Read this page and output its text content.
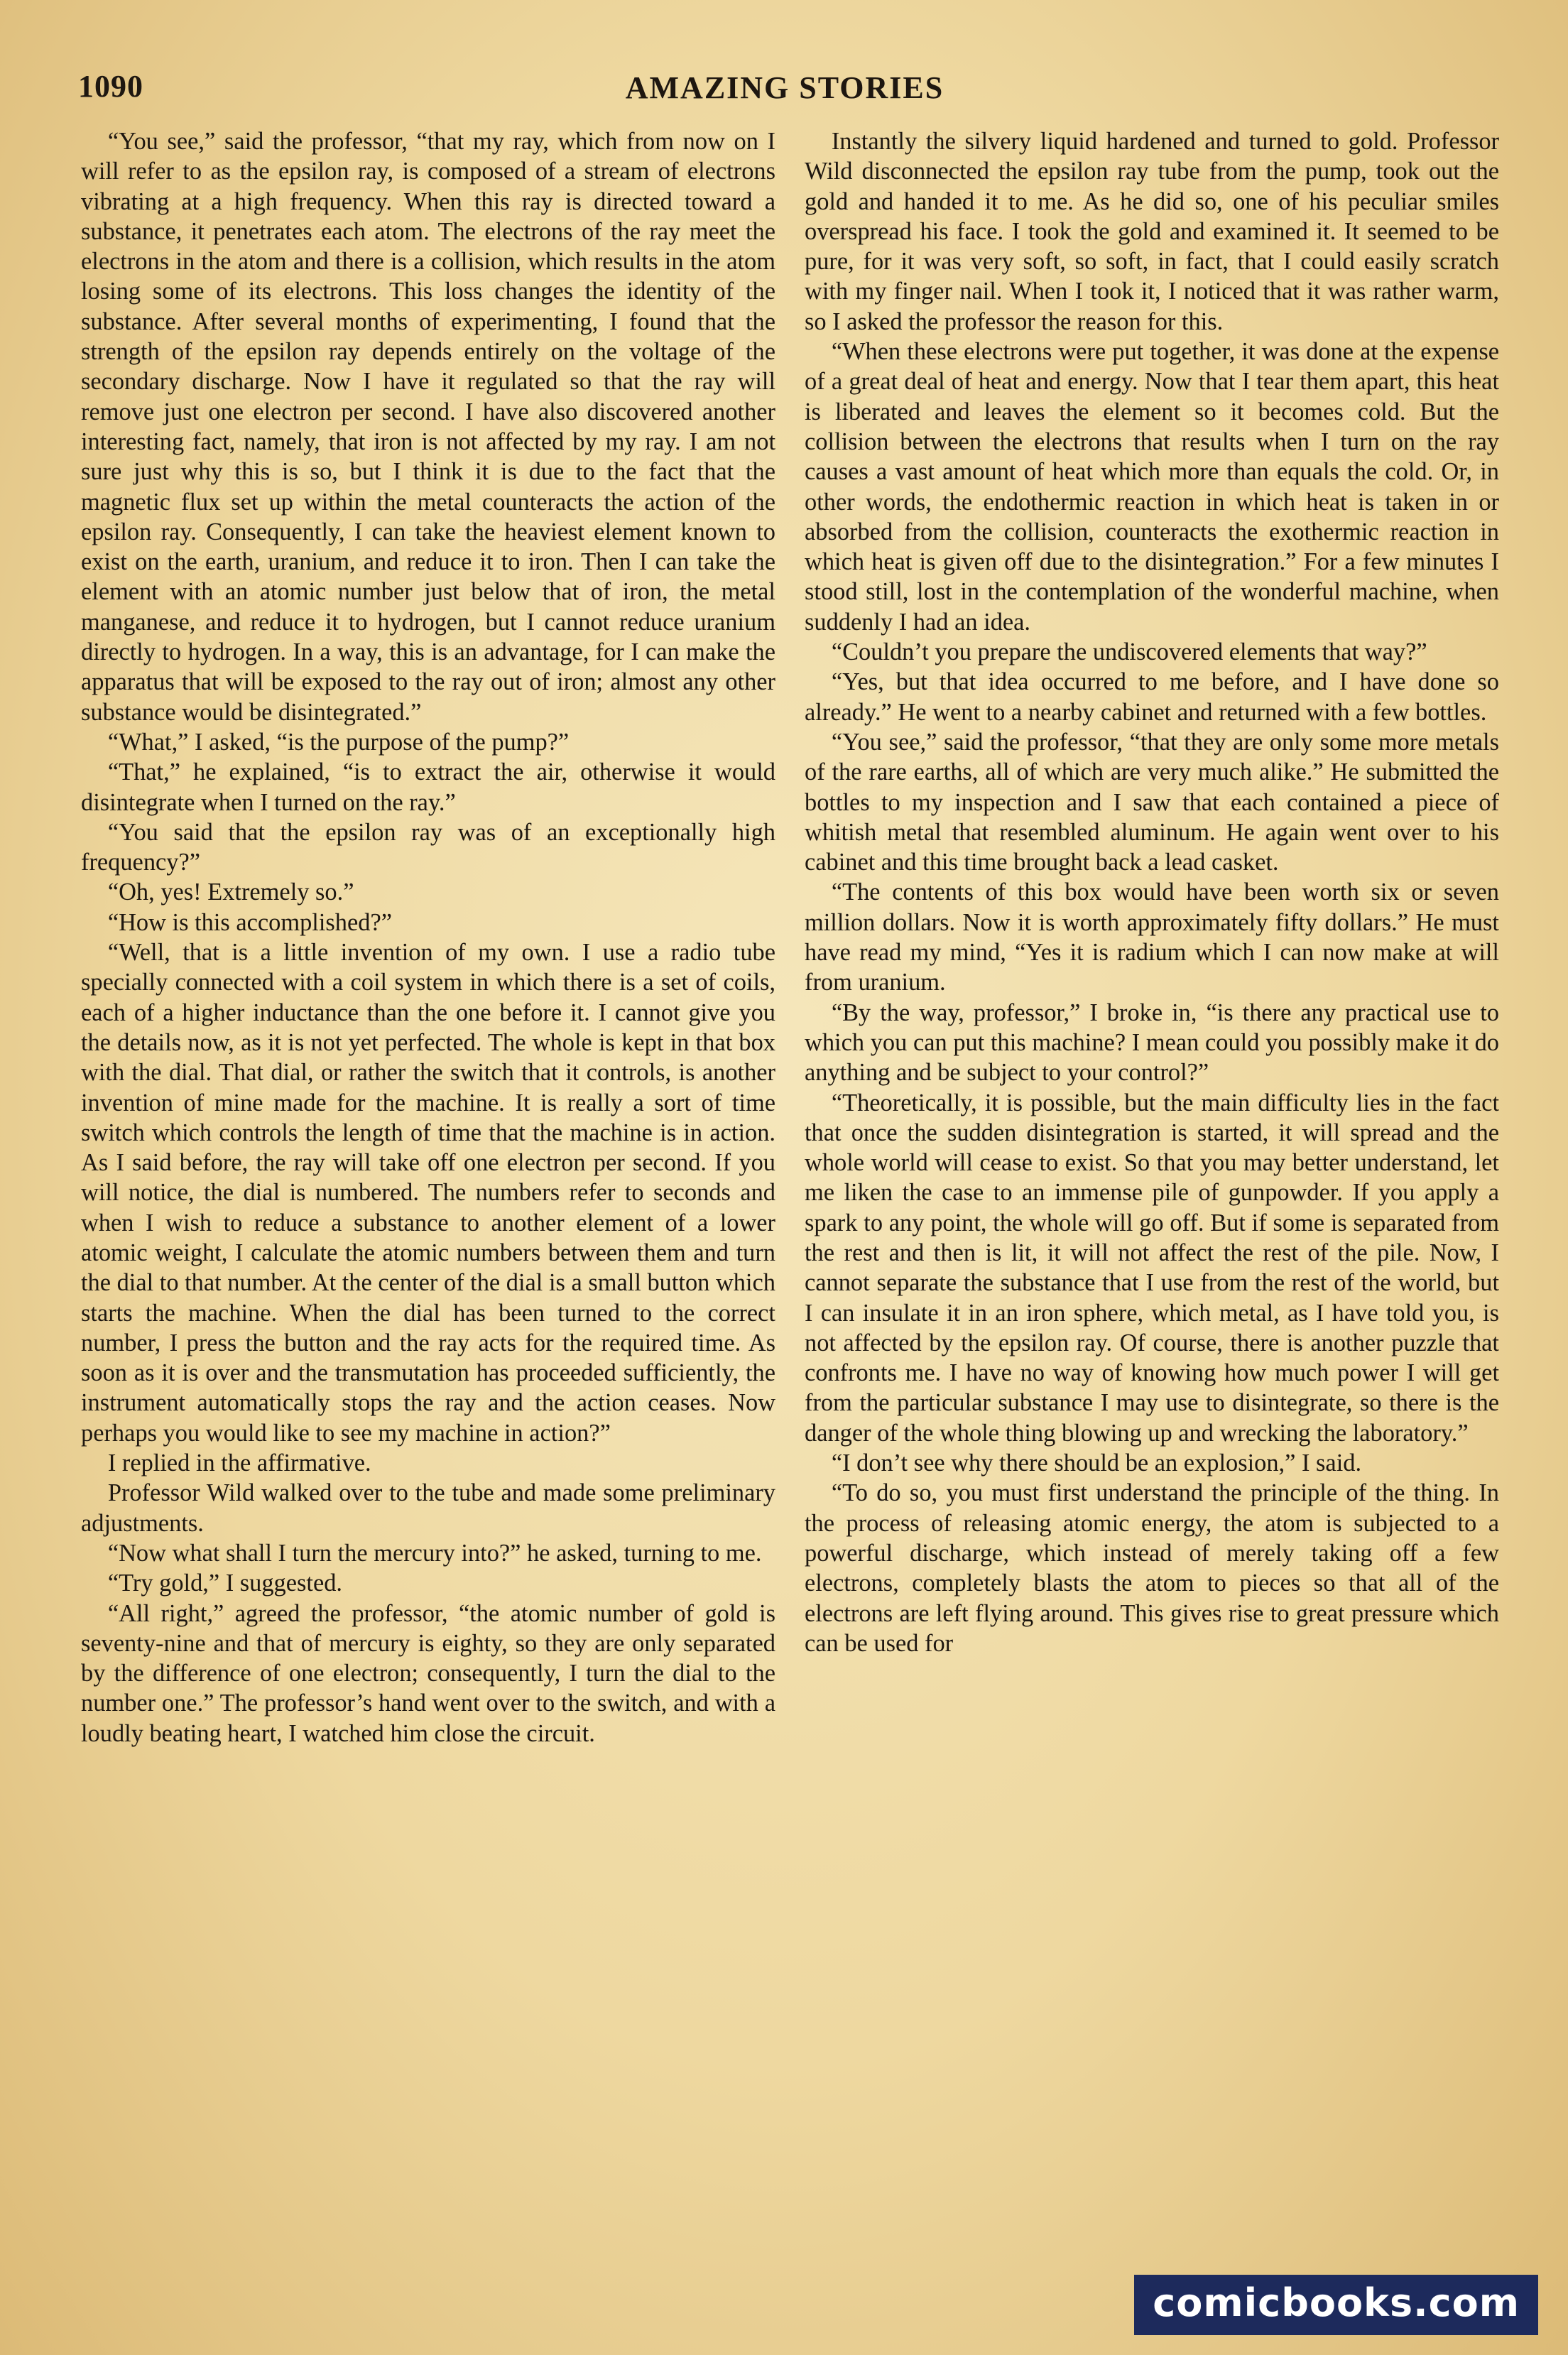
1090	AMAZING STORIES

“You see,” said the professor, “that my ray, which from now on I will refer to as the epsilon ray, is composed of a stream of electrons vibrating at a high frequency. When this ray is directed toward a substance, it penetrates each atom. The electrons of the ray meet the electrons in the atom and there is a collision, which results in the atom losing some of its electrons. This loss changes the identity of the substance. After several months of experimenting, I found that the strength of the epsilon ray depends entirely on the voltage of the secondary discharge. Now I have it regulated so that the ray will remove just one electron per second. I have also discovered another interesting fact, namely, that iron is not affected by my ray. I am not sure just why this is so, but I think it is due to the fact that the magnetic flux set up within the metal counteracts the action of the epsilon ray. Consequently, I can take the heaviest element known to exist on the earth, uranium, and reduce it to iron. Then I can take the element with an atomic number just below that of iron, the metal manganese, and reduce it to hydrogen, but I cannot reduce uranium directly to hydrogen. In a way, this is an advantage, for I can make the apparatus that will be exposed to the ray out of iron; almost any other substance would be disintegrated.”

“What,” I asked, “is the purpose of the pump?”

“That,” he explained, “is to extract the air, otherwise it would disintegrate when I turned on the ray.”

“You said that the epsilon ray was of an exceptionally high frequency?”

“Oh, yes! Extremely so.”

“How is this accomplished?”

“Well, that is a little invention of my own. I use a radio tube specially connected with a coil system in which there is a set of coils, each of a higher inductance than the one before it. I cannot give you the details now, as it is not yet perfected. The whole is kept in that box with the dial. That dial, or rather the switch that it controls, is another invention of mine made for the machine. It is really a sort of time switch which controls the length of time that the machine is in action. As I said before, the ray will take off one electron per second. If you will notice, the dial is numbered. The numbers refer to seconds and when I wish to reduce a substance to another element of a lower atomic weight, I calculate the atomic numbers between them and turn the dial to that number. At the center of the dial is a small button which starts the machine. When the dial has been turned to the correct number, I press the button and the ray acts for the required time. As soon as it is over and the transmutation has proceeded sufficiently, the instrument automatically stops the ray and the action ceases. Now perhaps you would like to see my machine in action?”

I replied in the affirmative.

Professor Wild walked over to the tube and made some preliminary adjustments.

“Now what shall I turn the mercury into?” he asked, turning to me.

“Try gold,” I suggested.

“All right,” agreed the professor, “the atomic number of gold is seventy-nine and that of mercury is eighty, so they are only separated by the difference of one electron; consequently, I turn the dial to the number one.” The professor’s hand went over to the switch, and with a loudly beating heart, I watched him close the circuit.

Instantly the silvery liquid hardened and turned to gold. Professor Wild disconnected the epsilon ray tube from the pump, took out the gold and handed it to me. As he did so, one of his peculiar smiles overspread his face. I took the gold and examined it. It seemed to be pure, for it was very soft, so soft, in fact, that I could easily scratch with my finger nail. When I took it, I noticed that it was rather warm, so I asked the professor the reason for this.

“When these electrons were put together, it was done at the expense of a great deal of heat and energy. Now that I tear them apart, this heat is liberated and leaves the element so it becomes cold. But the collision between the electrons that results when I turn on the ray causes a vast amount of heat which more than equals the cold. Or, in other words, the endothermic reaction in which heat is taken in or absorbed from the collision, counteracts the exothermic reaction in which heat is given off due to the disintegration.” For a few minutes I stood still, lost in the contemplation of the wonderful machine, when suddenly I had an idea.

“Couldn’t you prepare the undiscovered elements that way?”

“Yes, but that idea occurred to me before, and I have done so already.” He went to a nearby cabinet and returned with a few bottles.

“You see,” said the professor, “that they are only some more metals of the rare earths, all of which are very much alike.” He submitted the bottles to my inspection and I saw that each contained a piece of whitish metal that resembled aluminum. He again went over to his cabinet and this time brought back a lead casket.

“The contents of this box would have been worth six or seven million dollars. Now it is worth approximately fifty dollars.” He must have read my mind, “Yes it is radium which I can now make at will from uranium.

“By the way, professor,” I broke in, “is there any practical use to which you can put this machine? I mean could you possibly make it do anything and be subject to your control?”

“Theoretically, it is possible, but the main difficulty lies in the fact that once the sudden disintegration is started, it will spread and the whole world will cease to exist. So that you may better understand, let me liken the case to an immense pile of gunpowder. If you apply a spark to any point, the whole will go off. But if some is separated from the rest and then is lit, it will not affect the rest of the pile. Now, I cannot separate the substance that I use from the rest of the world, but I can insulate it in an iron sphere, which metal, as I have told you, is not affected by the epsilon ray. Of course, there is another puzzle that confronts me. I have no way of knowing how much power I will get from the particular substance I may use to disintegrate, so there is the danger of the whole thing blowing up and wrecking the laboratory.”

“I don’t see why there should be an explosion,” I said.

“To do so, you must first understand the principle of the thing. In the process of releasing atomic energy, the atom is subjected to a powerful discharge, which instead of merely taking off a few electrons, completely blasts the atom to pieces so that all of the electrons are left flying around. This gives rise to great pressure which can be used for

comicbooks.com
